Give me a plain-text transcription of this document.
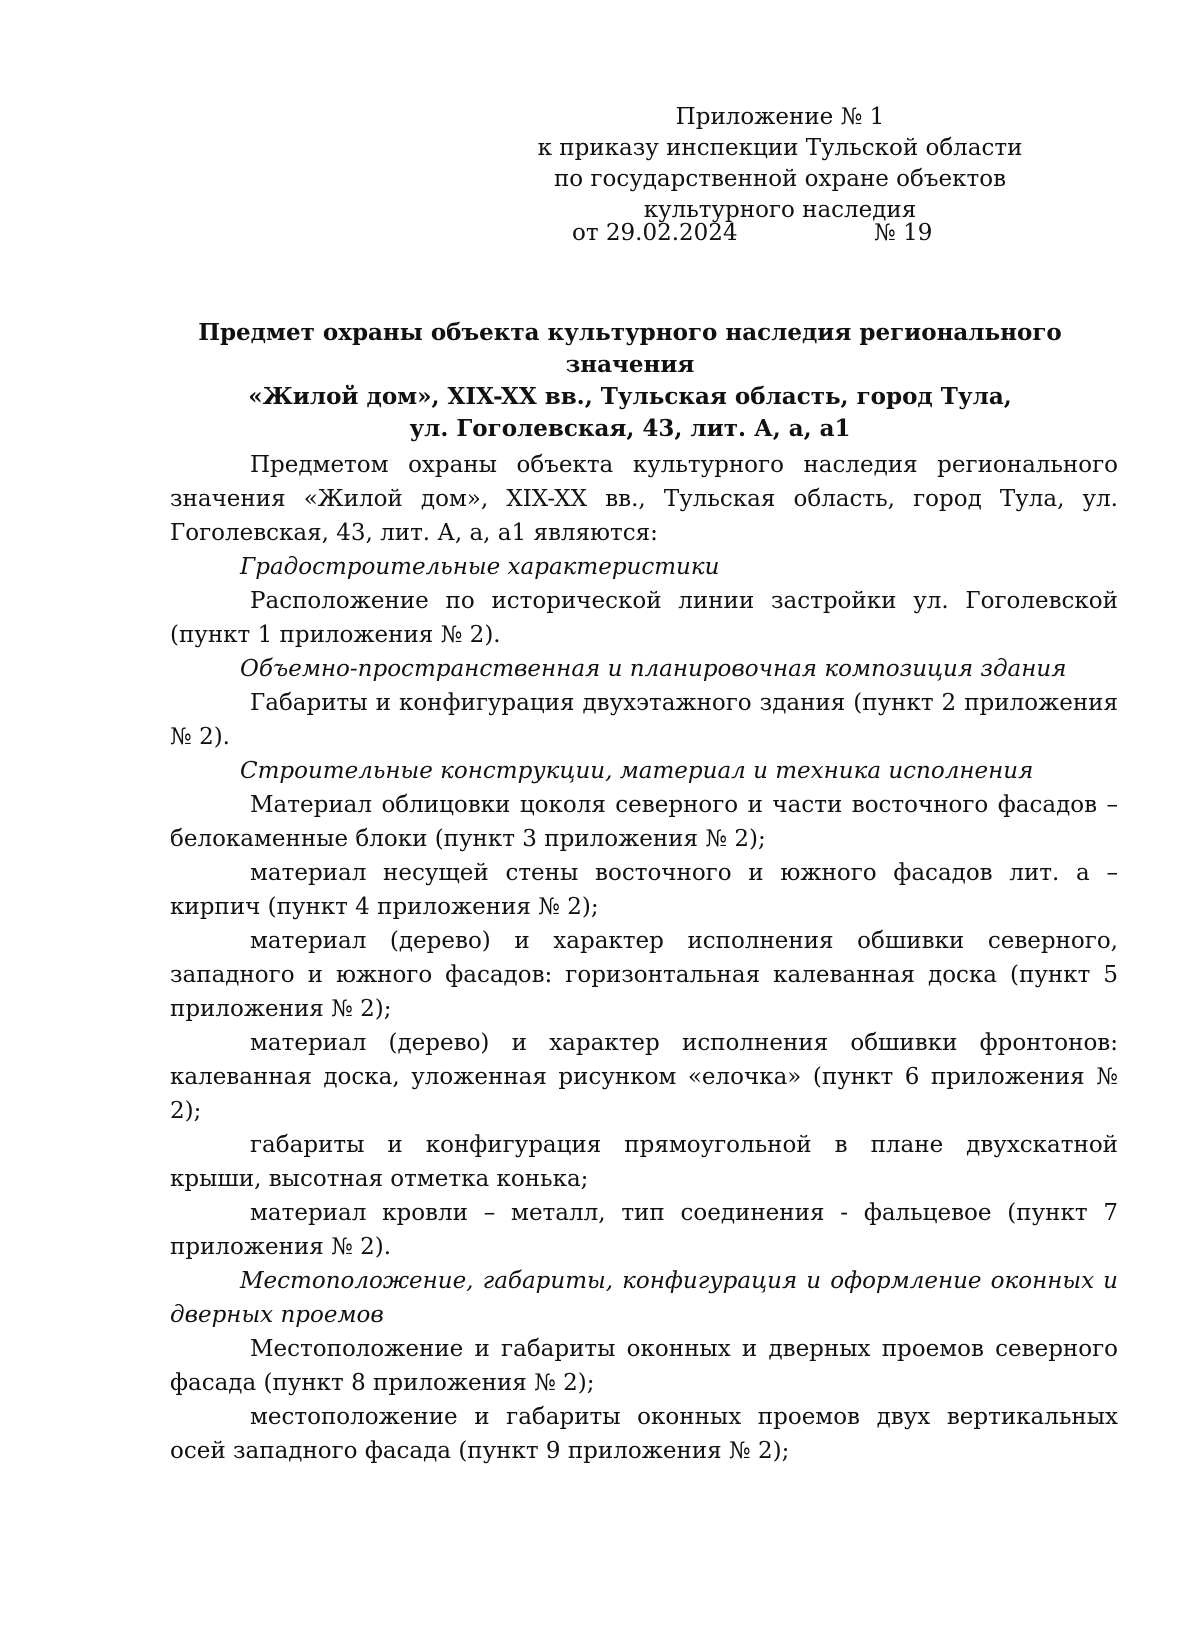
Приложение № 1
к приказу инспекции Тульской области
по государственной охране объектов
культурного наследия
от 29.02.2024	№ 19
Предмет охраны объекта культурного наследия регионального значения
«Жилой дом», XIX-XX вв., Тульская область, город Тула,
ул. Гоголевская, 43, лит. А, а, а1

Предметом охраны объекта культурного наследия регионального значения «Жилой дом», XIX-XX вв., Тульская область, город Тула, ул. Гоголевская, 43, лит. А, а, а1 являются:

Градостроительные характеристики

Расположение по исторической линии застройки ул. Гоголевской (пункт 1 приложения № 2).

Объемно-пространственная и планировочная композиция здания

Габариты и конфигурация двухэтажного здания (пункт 2 приложения № 2).

Строительные конструкции, материал и техника исполнения

Материал облицовки цоколя северного и части восточного фасадов – белокаменные блоки (пункт 3 приложения № 2);

материал несущей стены восточного и южного фасадов лит. а – кирпич (пункт 4 приложения № 2);

материал (дерево) и характер исполнения обшивки северного, западного и южного фасадов: горизонтальная калеванная доска (пункт 5 приложения № 2);

материал (дерево) и характер исполнения обшивки фронтонов: калеванная доска, уложенная рисунком «елочка» (пункт 6 приложения № 2);

габариты и конфигурация прямоугольной в плане двухскатной крыши, высотная отметка конька;

материал кровли – металл, тип соединения - фальцевое (пункт 7 приложения № 2).

Местоположение, габариты, конфигурация и оформление оконных и дверных проемов

Местоположение и габариты оконных и дверных проемов северного фасада (пункт 8 приложения № 2);

местоположение и габариты оконных проемов двух вертикальных осей западного фасада (пункт 9 приложения № 2);
